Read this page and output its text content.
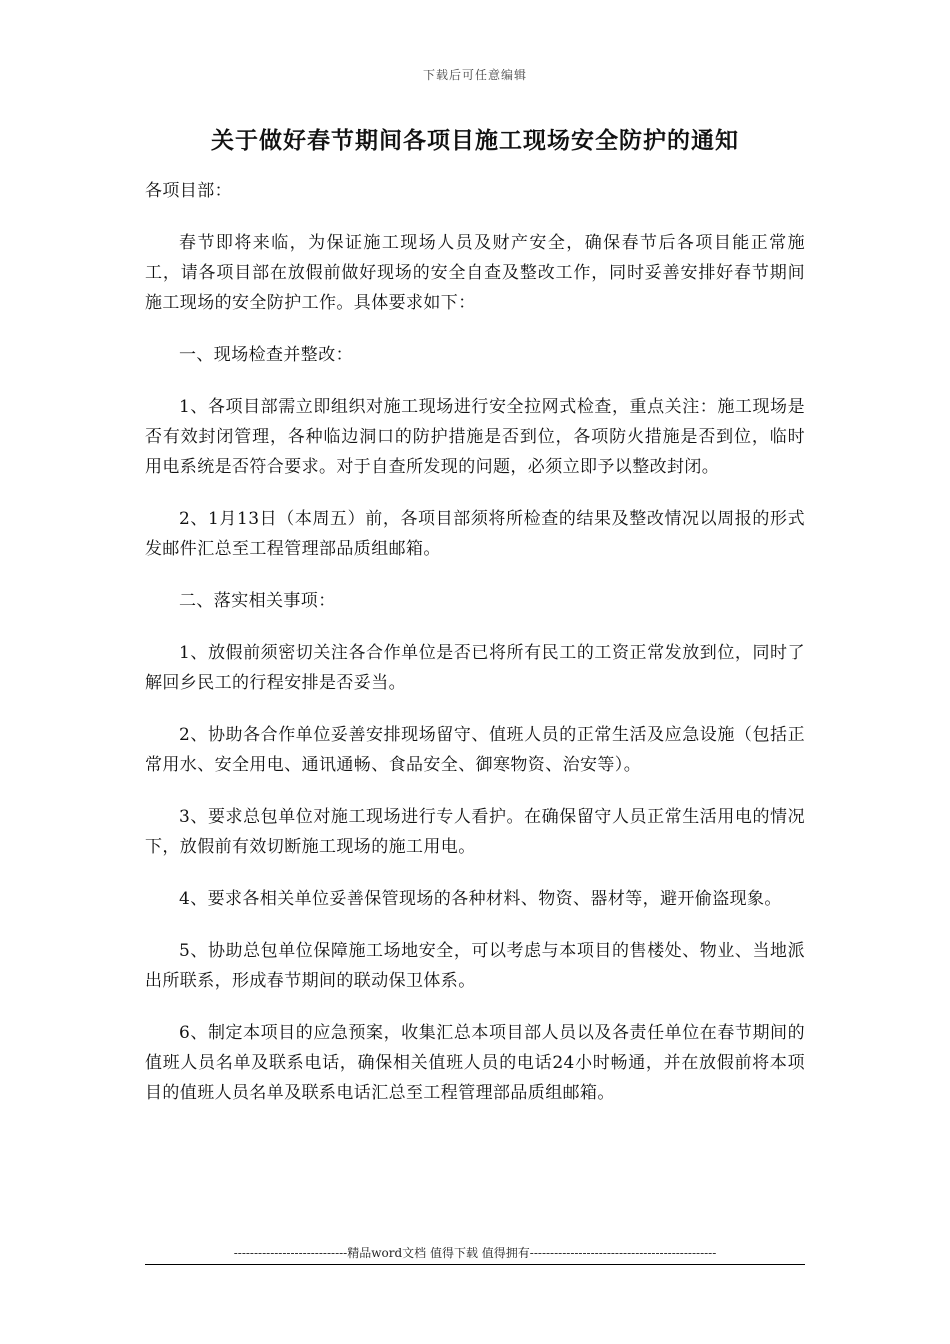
下载后可任意编辑
关于做好春节期间各项目施工现场安全防护的通知

各项目部：

春节即将来临，为保证施工现场人员及财产安全，确保春节后各项目能正常施工，请各项目部在放假前做好现场的安全自查及整改工作，同时妥善安排好春节期间施工现场的安全防护工作。具体要求如下：

一、现场检查并整改：

1、各项目部需立即组织对施工现场进行安全拉网式检查，重点关注：施工现场是否有效封闭管理，各种临边洞口的防护措施是否到位，各项防火措施是否到位，临时用电系统是否符合要求。对于自查所发现的问题，必须立即予以整改封闭。

2、1月13日（本周五）前，各项目部须将所检查的结果及整改情况以周报的形式发邮件汇总至工程管理部品质组邮箱。

二、落实相关事项：

1、放假前须密切关注各合作单位是否已将所有民工的工资正常发放到位，同时了解回乡民工的行程安排是否妥当。

2、协助各合作单位妥善安排现场留守、值班人员的正常生活及应急设施（包括正常用水、安全用电、通讯通畅、食品安全、御寒物资、治安等）。

3、要求总包单位对施工现场进行专人看护。在确保留守人员正常生活用电的情况下，放假前有效切断施工现场的施工用电。

4、要求各相关单位妥善保管现场的各种材料、物资、器材等，避开偷盗现象。

5、协助总包单位保障施工场地安全，可以考虑与本项目的售楼处、物业、当地派出所联系，形成春节期间的联动保卫体系。

6、制定本项目的应急预案，收集汇总本项目部人员以及各责任单位在春节期间的值班人员名单及联系电话，确保相关值班人员的电话24小时畅通，并在放假前将本项目的值班人员名单及联系电话汇总至工程管理部品质组邮箱。

----------------------------精品word文档 值得下载 值得拥有----------------------------------------------
